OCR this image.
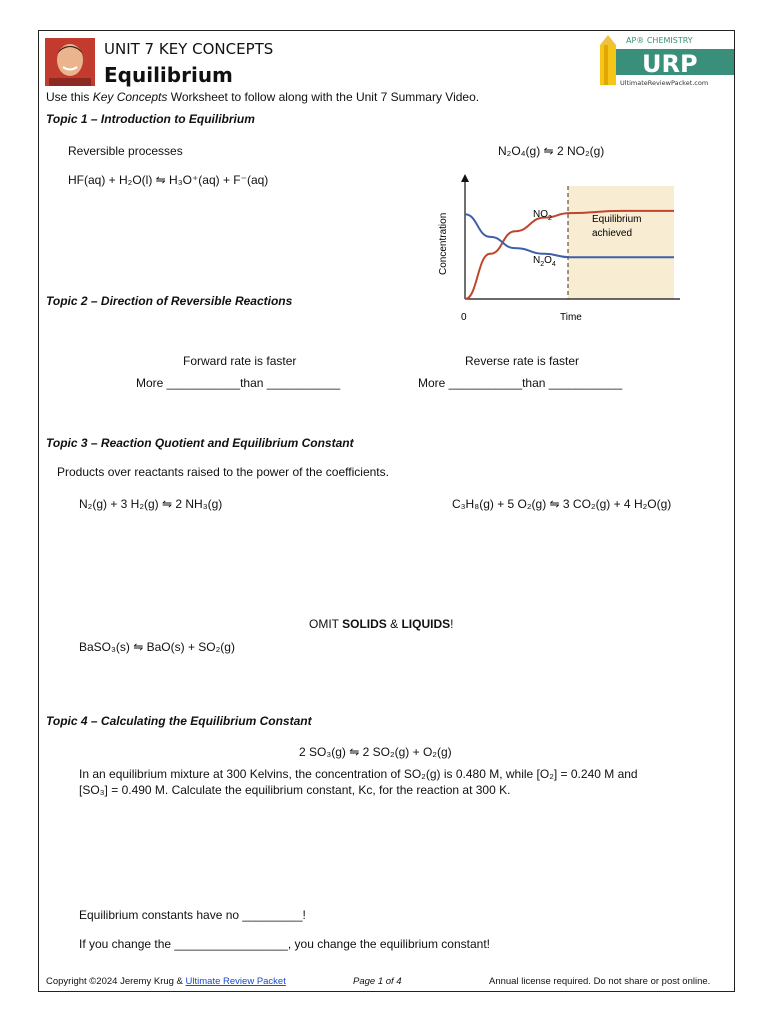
UNIT 7 KEY CONCEPTS
Equilibrium
AP® CHEMISTRY
URP
UltimateReviewPacket.com
Use this Key Concepts Worksheet to follow along with the Unit 7 Summary Video.
Topic 1 – Introduction to Equilibrium
Reversible processes
HF(aq) + H₂O(l) ⇋ H₃O⁺(aq) + F⁻(aq)
N₂O₄(g) ⇋ 2 NO₂(g)
$NO_2$
$N_2O_4$
Equilibrium
achieved
0	Time
Concentration
Topic 2 – Direction of Reversible Reactions
Forward rate is faster
More ___________than ___________
Reverse rate is faster
More ___________than ___________
Topic 3 – Reaction Quotient and Equilibrium Constant
Products over reactants raised to the power of the coefficients.
N₂(g) + 3 H₂(g) ⇋ 2 NH₃(g)	C₃H₈(g) + 5 O₂(g) ⇋ 3 CO₂(g) + 4 H₂O(g)
OMIT SOLIDS & LIQUIDS!
BaSO₃(s) ⇋ BaO(s) + SO₂(g)
Topic 4 – Calculating the Equilibrium Constant
2 SO₃(g) ⇋ 2 SO₂(g) + O₂(g)
In an equilibrium mixture at 300 Kelvins, the concentration of SO₂(g) is 0.480 M, while [O₂] = 0.240 M and
[SO₃] = 0.490 M. Calculate the equilibrium constant, Kc, for the reaction at 300 K.
Equilibrium constants have no _________!
If you change the _________________, you change the equilibrium constant!
Copyright ©2024 Jeremy Krug & Ultimate Review Packet	Page 1 of 4	Annual license required. Do not share or post online.
